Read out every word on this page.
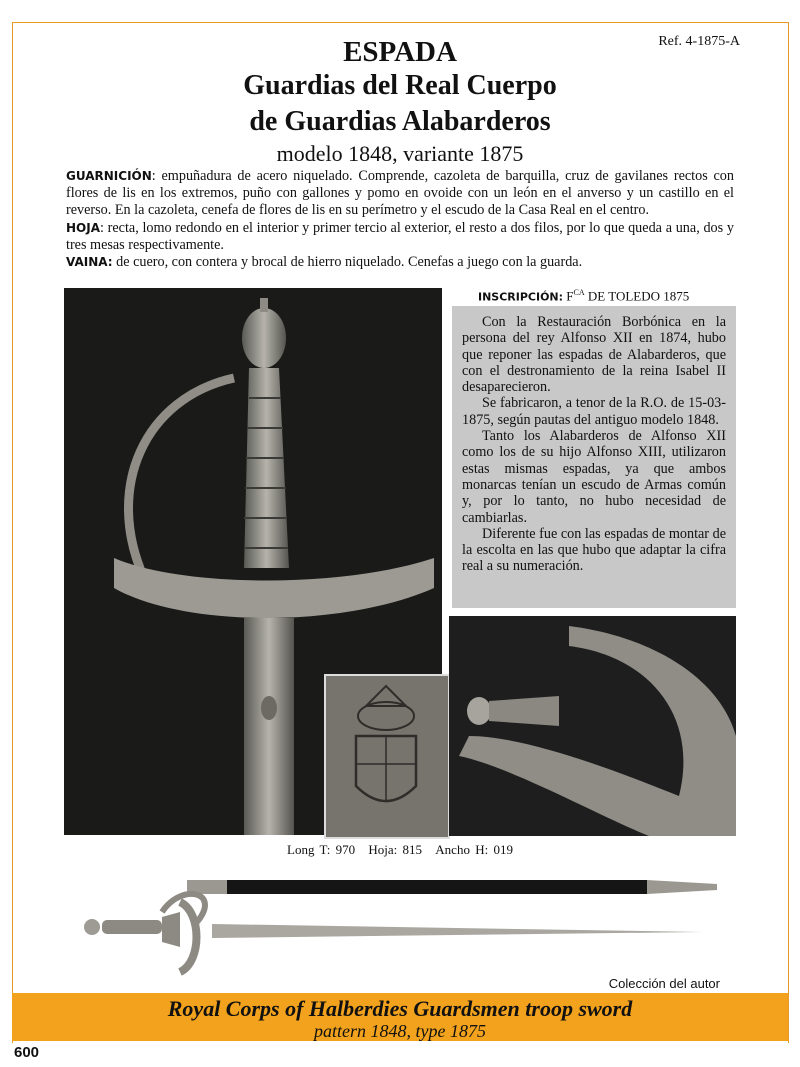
Ref. 4-1875-A
ESPADA
Guardias del Real Cuerpo
de Guardias Alabarderos
modelo 1848, variante 1875

GUARNICIÓN: empuñadura de acero niquelado. Comprende, cazoleta de barquilla, cruz de gavilanes rectos con flores de lis en los extremos, puño con gallones y pomo en ovoide con un león en el anverso y un castillo en el reverso. En la cazoleta, cenefa de flores de lis en su perímetro y el escudo de la Casa Real en el centro.

HOJA: recta, lomo redondo en el interior y primer tercio al exterior, el resto a dos filos, por lo que queda a una, dos y tres mesas respectivamente.

VAINA: de cuero, con contera y brocal de hierro niquelado. Cenefas a juego con la guarda.

INSCRIPCIÓN: $F^{CA}$ DE TOLEDO 1875

Con la Restauración Borbónica en la persona del rey Alfonso XII en 1874, hubo que reponer las espadas de Alabarderos, que con el destronamiento de la reina Isabel II desaparecieron.

Se fabricaron, a tenor de la R.O. de 15-03-1875, según pautas del antiguo modelo 1848.

Tanto los Alabarderos de Alfonso XII como los de su hijo Alfonso XIII, utilizaron estas mismas espadas, ya que ambos monarcas tenían un escudo de Armas común y, por lo tanto, no hubo necesidad de cambiarlas.

Diferente fue con las espadas de montar de la escolta en las que hubo que adaptar la cifra real a su numeración.

Long T: 970 Hoja: 815 Ancho H: 019
Colección del autor
Royal Corps of Halberdies Guardsmen troop sword
pattern 1848, type 1875
600
